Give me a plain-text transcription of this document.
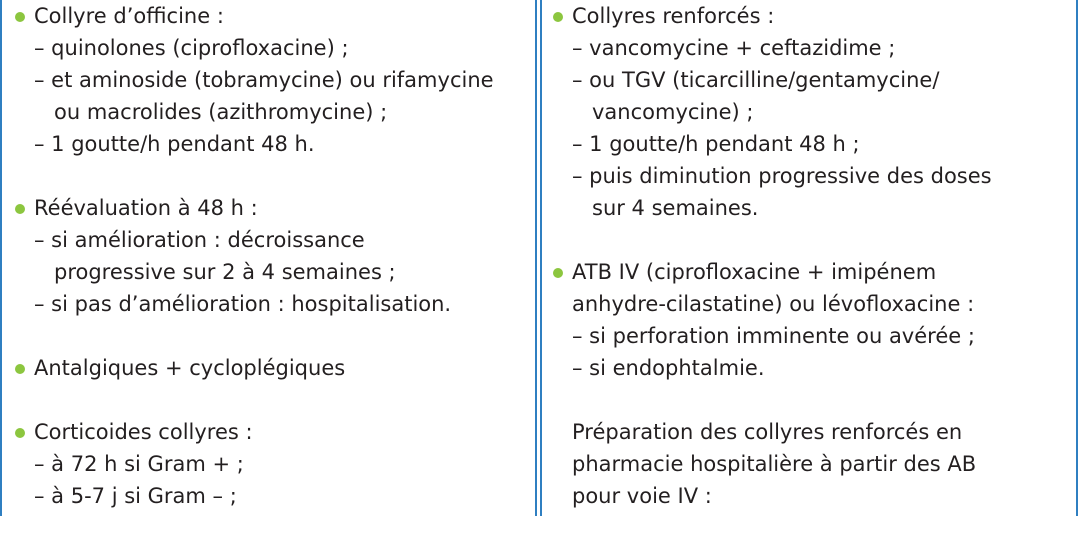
Collyre d’officine :
– quinolones (ciprofloxacine) ;
– et aminoside (tobramycine) ou rifamycine
ou macrolides (azithromycine) ;
– 1 goutte/h pendant 48 h.
Réévaluation à 48 h :
– si amélioration : décroissance
progressive sur 2 à 4 semaines ;
– si pas d’amélioration : hospitalisation.
Antalgiques + cycloplégiques
Corticoides collyres :
– à 72 h si Gram + ;
– à 5-7 j si Gram – ;
Collyres renforcés :
– vancomycine + ceftazidime ;
– ou TGV (ticarcilline/gentamycine/
vancomycine) ;
– 1 goutte/h pendant 48 h ;
– puis diminution progressive des doses
sur 4 semaines.
ATB IV (ciprofloxacine + imipénem
anhydre-cilastatine) ou lévofloxacine :
– si perforation imminente ou avérée ;
– si endophtalmie.
Préparation des collyres renforcés en
pharmacie hospitalière à partir des AB
pour voie IV :
